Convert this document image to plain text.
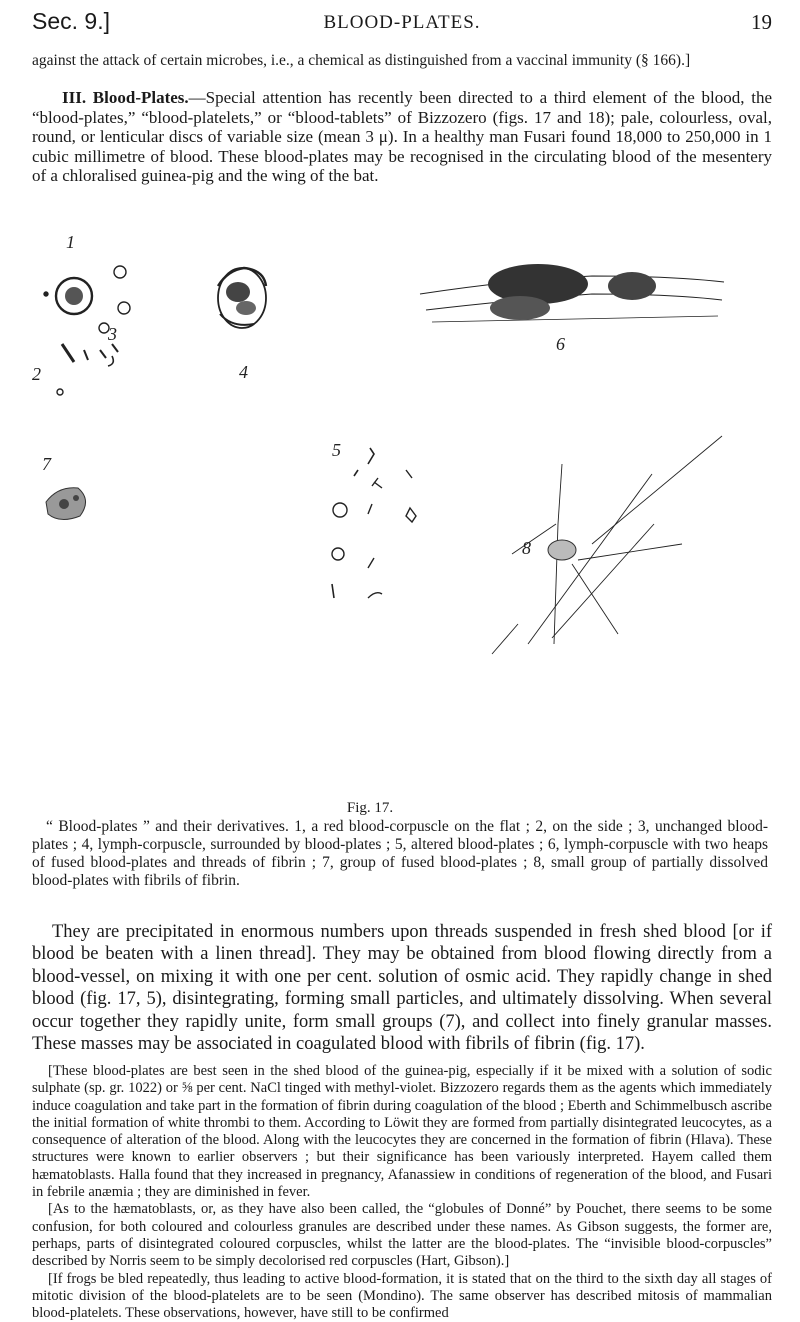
Sec. 9.]	BLOOD-PLATES.	19

against the attack of certain microbes, i.e., a chemical as distinguished from a vaccinal immunity (§ 166).]

III. Blood-Plates.—Special attention has recently been directed to a third element of the blood, the “blood-plates,” “blood-platelets,” or “blood-tablets” of Bizzozero (figs. 17 and 18); pale, colourless, oval, round, or lenticular discs of variable size (mean 3 μ). In a healthy man Fusari found 18,000 to 250,000 in 1 cubic millimetre of blood. These blood-plates may be recognised in the circulating blood of the mesentery of a chloralised guinea-pig and the wing of the bat.

1
2
3
4
5
6
7
8
Fig. 17.

“ Blood-plates ” and their derivatives. 1, a red blood-corpuscle on the flat ; 2, on the side ; 3, unchanged blood-plates ; 4, lymph-corpuscle, surrounded by blood-plates ; 5, altered blood-plates ; 6, lymph-corpuscle with two heaps of fused blood-plates and threads of fibrin ; 7, group of fused blood-plates ; 8, small group of partially dissolved blood-plates with fibrils of fibrin.

They are precipitated in enormous numbers upon threads suspended in fresh shed blood [or if blood be beaten with a linen thread]. They may be obtained from blood flowing directly from a blood-vessel, on mixing it with one per cent. solution of osmic acid. They rapidly change in shed blood (fig. 17, 5), disintegrating, forming small particles, and ultimately dissolving. When several occur together they rapidly unite, form small groups (7), and collect into finely granular masses. These masses may be associated in coagulated blood with fibrils of fibrin (fig. 17).

[These blood-plates are best seen in the shed blood of the guinea-pig, especially if it be mixed with a solution of sodic sulphate (sp. gr. 1022) or ⅝ per cent. NaCl tinged with methyl-violet. Bizzozero regards them as the agents which immediately induce coagulation and take part in the formation of fibrin during coagulation of the blood ; Eberth and Schimmelbusch ascribe the initial formation of white thrombi to them. According to Löwit they are formed from partially disintegrated leucocytes, as a consequence of alteration of the blood. Along with the leucocytes they are concerned in the formation of fibrin (Hlava). These structures were known to earlier observers ; but their significance has been variously interpreted. Hayem called them hæmatoblasts. Halla found that they increased in pregnancy, Afanassiew in conditions of regeneration of the blood, and Fusari in febrile anæmia ; they are diminished in fever.

[As to the hæmatoblasts, or, as they have also been called, the “globules of Donné” by Pouchet, there seems to be some confusion, for both coloured and colourless granules are described under these names. As Gibson suggests, the former are, perhaps, parts of disintegrated coloured corpuscles, whilst the latter are the blood-plates. The “invisible blood-corpuscles” described by Norris seem to be simply decolorised red corpuscles (Hart, Gibson).]

[If frogs be bled repeatedly, thus leading to active blood-formation, it is stated that on the third to the sixth day all stages of mitotic division of the blood-platelets are to be seen (Mondino). The same observer has described mitosis of mammalian blood-platelets. These observations, however, have still to be confirmed
